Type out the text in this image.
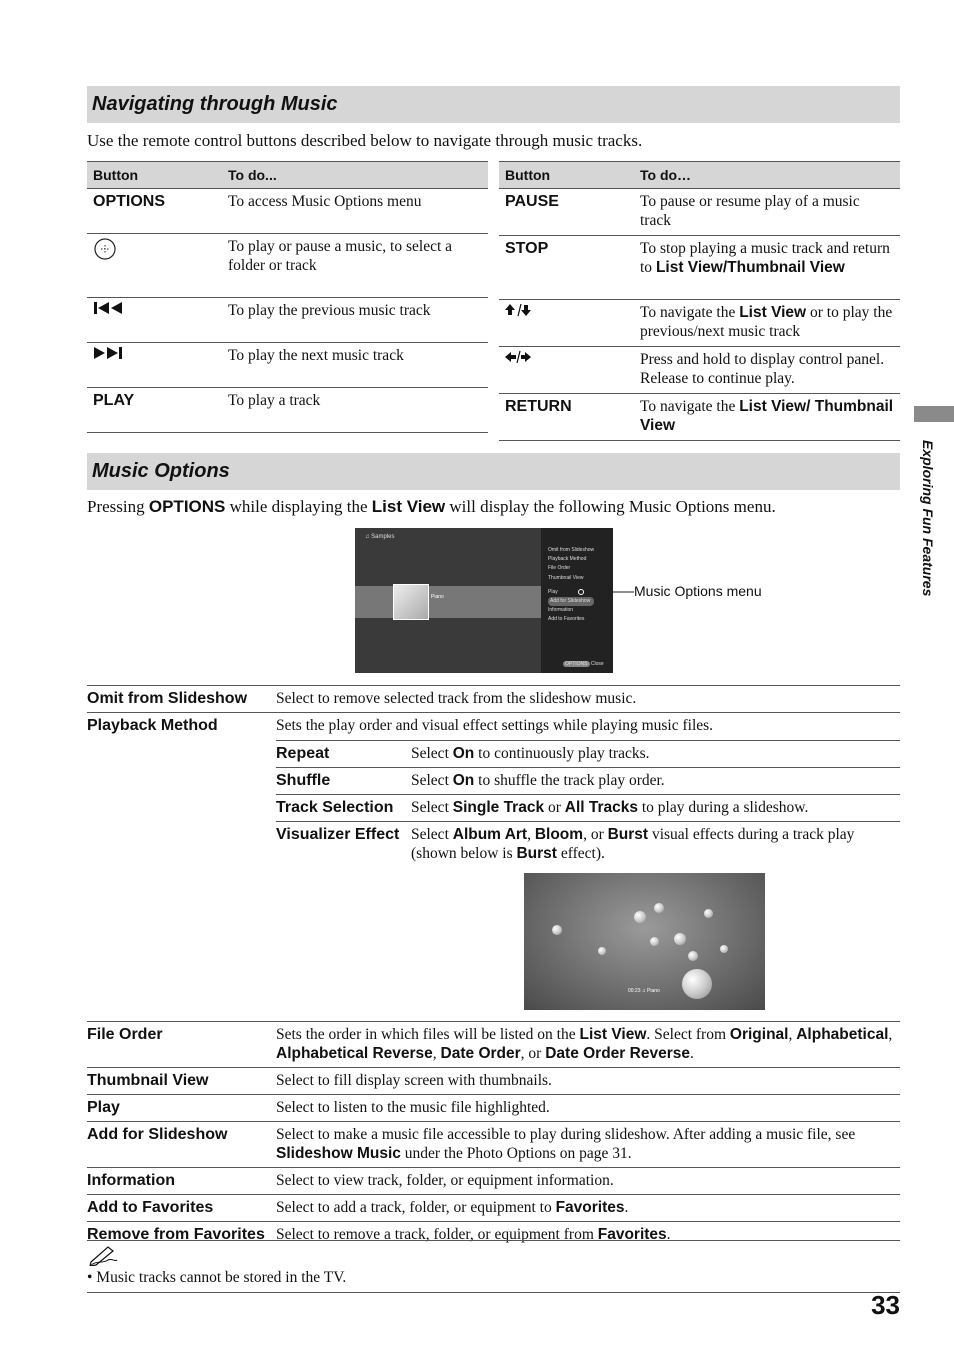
Navigating through Music
Use the remote control buttons described below to navigate through music tracks.
Button	To do...
OPTIONS	To access Music Options menu
	To play or pause a music, to select a folder or track
	To play the previous music track
	To play the next music track
PLAY	To play a track
Button	To do…
PAUSE	To pause or resume play of a music track
STOP	To stop playing a music track and return to List View/Thumbnail View
	To navigate the List View or to play the previous/next music track
	Press and hold to display control panel. Release to continue play.
RETURN	To navigate the List View/ Thumbnail View
Exploring Fun Features
Music Options
Pressing OPTIONS while displaying the List View will display the following Music Options menu.
♫ Samples
Piano
Omit from Slideshow
Playback Method
File Order
Thumbnail View
Play
Add for Slideshow
Information
Add to Favorites
OPTIONS Close
Music Options menu
Omit from Slideshow	Select to remove selected track from the slideshow music.
Playback Method	Sets the play order and visual effect settings while playing music files.
Repeat	Select On to continuously play tracks.
Shuffle	Select On to shuffle the track play order.
Track Selection	Select Single Track or All Tracks to play during a slideshow.
Visualizer Effect	Select Album Art, Bloom, or Burst visual effects during a track play (shown below is Burst effect).
00:23 ♫ Piano

File Order	Sets the order in which files will be listed on the List View. Select from Original, Alphabetical, Alphabetical Reverse, Date Order, or Date Order Reverse.
Thumbnail View	Select to fill display screen with thumbnails.
Play	Select to listen to the music file highlighted.
Add for Slideshow	Select to make a music file accessible to play during slideshow. After adding a music file, see Slideshow Music under the Photo Options on page 31.
Information	Select to view track, folder, or equipment information.
Add to Favorites	Select to add a track, folder, or equipment to Favorites.
Remove from Favorites	Select to remove a track, folder, or equipment from Favorites.
• Music tracks cannot be stored in the TV.
33
